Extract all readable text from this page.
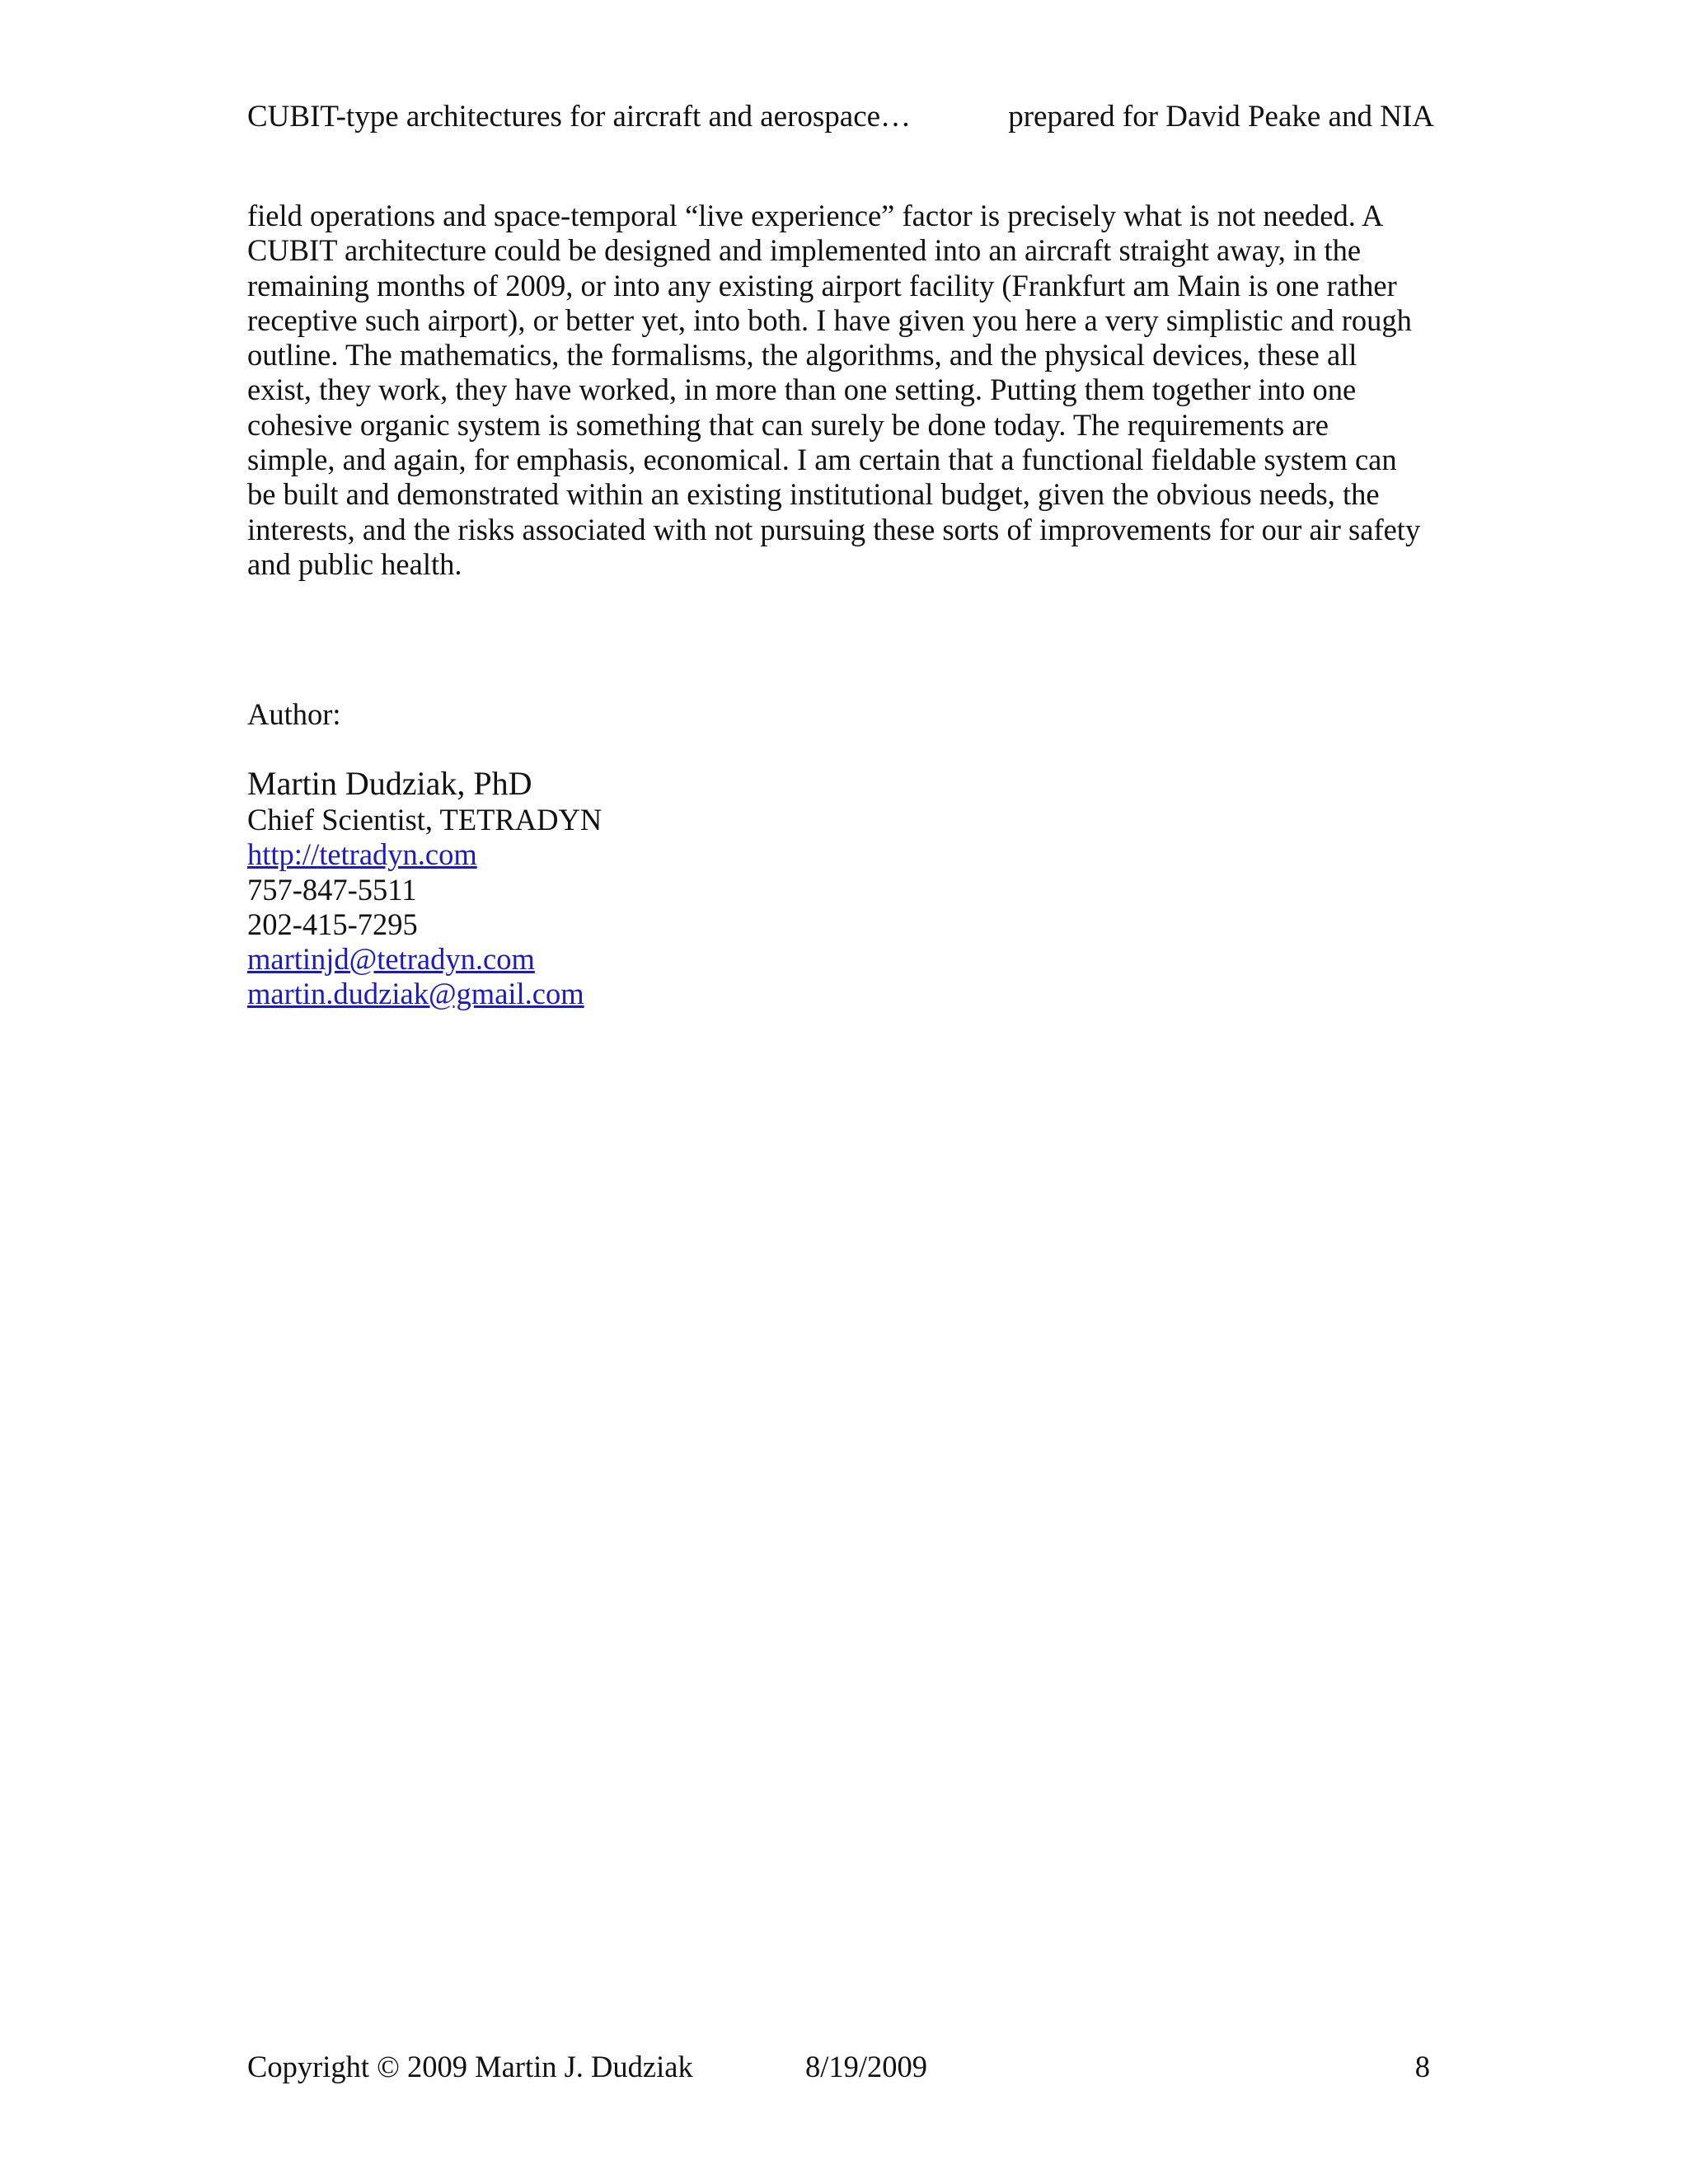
CUBIT-type architectures for aircraft and aerospace…	prepared for David Peake and NIA

field operations and space-temporal “live experience” factor is precisely what is not needed. A
CUBIT architecture could be designed and implemented into an aircraft straight away, in the
remaining months of 2009, or into any existing airport facility (Frankfurt am Main is one rather
receptive such airport), or better yet, into both. I have given you here a very simplistic and rough
outline. The mathematics, the formalisms, the algorithms, and the physical devices, these all
exist, they work, they have worked, in more than one setting. Putting them together into one
cohesive organic system is something that can surely be done today. The requirements are
simple, and again, for emphasis, economical. I am certain that a functional fieldable system can
be built and demonstrated within an existing institutional budget, given the obvious needs, the
interests, and the risks associated with not pursuing these sorts of improvements for our air safety
and public health.

Author:
Martin Dudziak, PhD
Chief Scientist, TETRADYN
http://tetradyn.com
757-847-5511
202-415-7295
martinjd@tetradyn.com
martin.dudziak@gmail.com
Copyright © 2009 Martin J. Dudziak	8/19/2009	8
